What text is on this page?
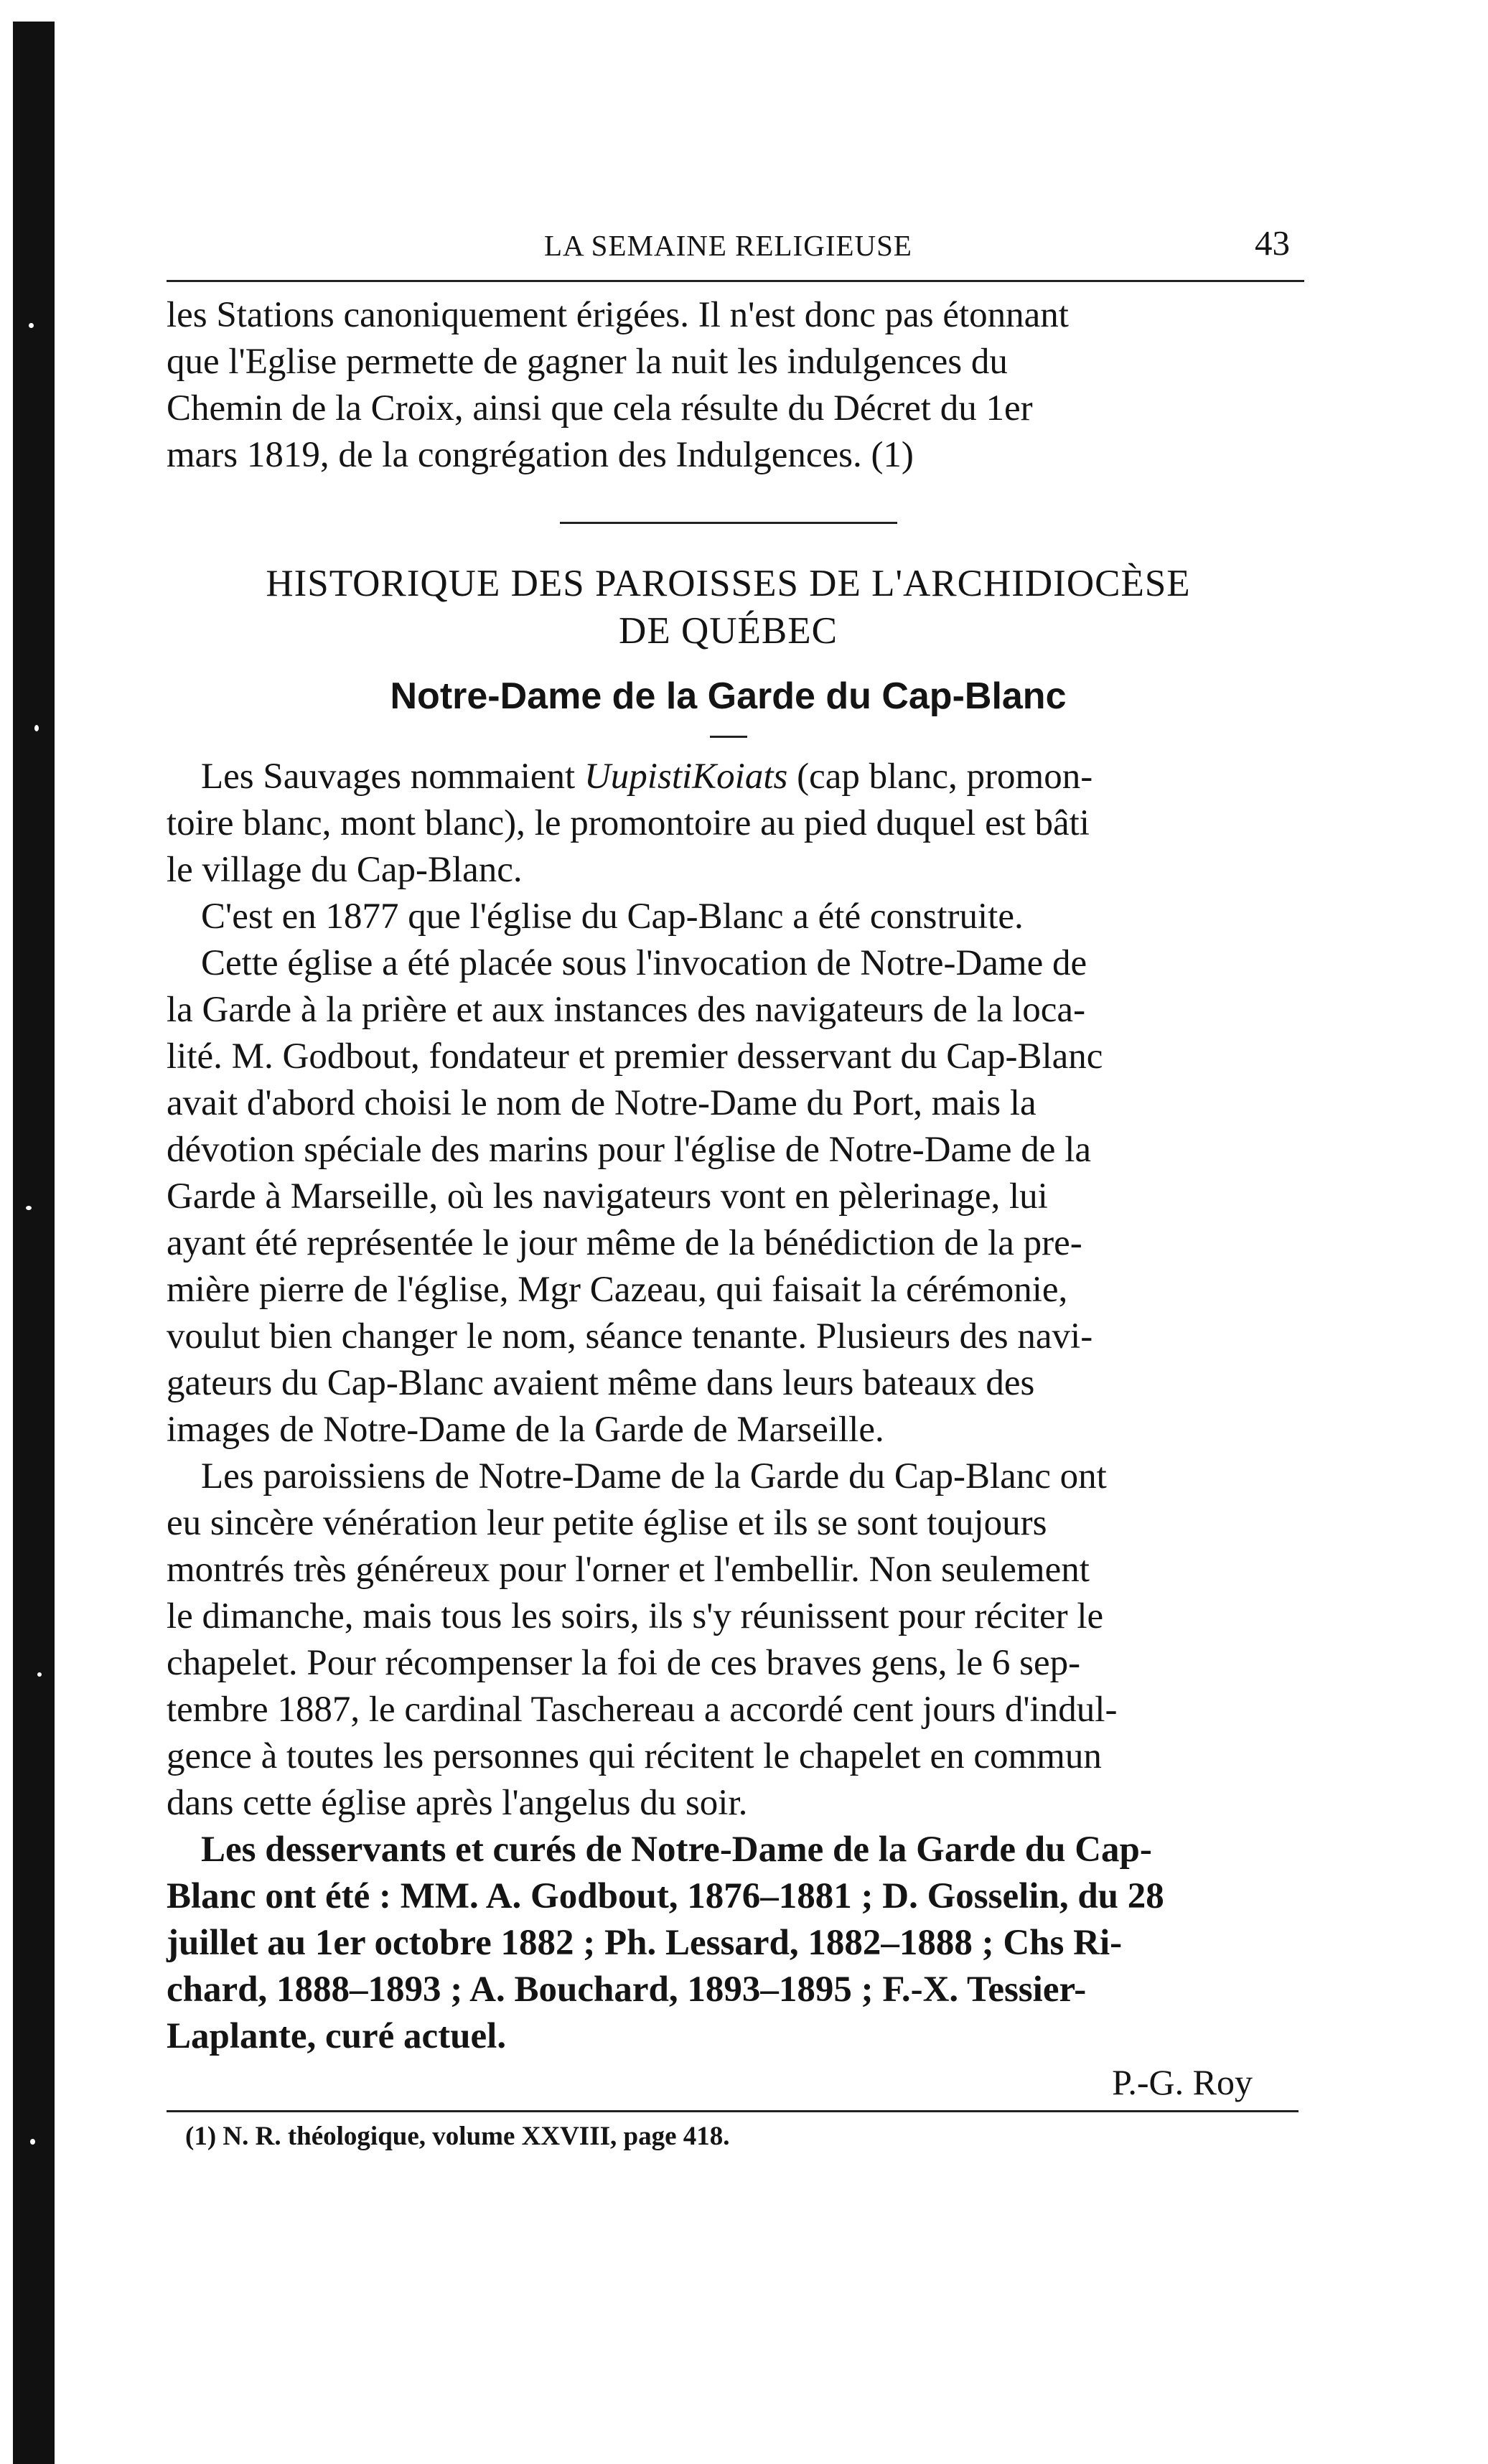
LA SEMAINE RELIGIEUSE	43

les Stations canoniquement érigées. Il n'est donc pas étonnant
que l'Eglise permette de gagner la nuit les indulgences du
Chemin de la Croix, ainsi que cela résulte du Décret du 1er
mars 1819, de la congrégation des Indulgences. (1)

HISTORIQUE DES PAROISSES DE L'ARCHIDIOCÈSE
DE QUÉBEC

Notre-Dame de la Garde du Cap-Blanc

Les Sauvages nommaient UupistiKoiats (cap blanc, promon-
toire blanc, mont blanc), le promontoire au pied duquel est bâti
le village du Cap-Blanc.

C'est en 1877 que l'église du Cap-Blanc a été construite.

Cette église a été placée sous l'invocation de Notre-Dame de
la Garde à la prière et aux instances des navigateurs de la loca-
lité. M. Godbout, fondateur et premier desservant du Cap-Blanc
avait d'abord choisi le nom de Notre-Dame du Port, mais la
dévotion spéciale des marins pour l'église de Notre-Dame de la
Garde à Marseille, où les navigateurs vont en pèlerinage, lui
ayant été représentée le jour même de la bénédiction de la pre-
mière pierre de l'église, Mgr Cazeau, qui faisait la cérémonie,
voulut bien changer le nom, séance tenante. Plusieurs des navi-
gateurs du Cap-Blanc avaient même dans leurs bateaux des
images de Notre-Dame de la Garde de Marseille.

Les paroissiens de Notre-Dame de la Garde du Cap-Blanc ont
eu sincère vénération leur petite église et ils se sont toujours
montrés très généreux pour l'orner et l'embellir. Non seulement
le dimanche, mais tous les soirs, ils s'y réunissent pour réciter le
chapelet. Pour récompenser la foi de ces braves gens, le 6 sep-
tembre 1887, le cardinal Taschereau a accordé cent jours d'indul-
gence à toutes les personnes qui récitent le chapelet en commun
dans cette église après l'angelus du soir.

Les desservants et curés de Notre-Dame de la Garde du Cap-
Blanc ont été : MM. A. Godbout, 1876–1881 ; D. Gosselin, du 28
juillet au 1er octobre 1882 ; Ph. Lessard, 1882–1888 ; Chs Ri-
chard, 1888–1893 ; A. Bouchard, 1893–1895 ; F.-X. Tessier-
Laplante, curé actuel.

P.-G. Roy

(1) N. R. théologique, volume XXVIII, page 418.
